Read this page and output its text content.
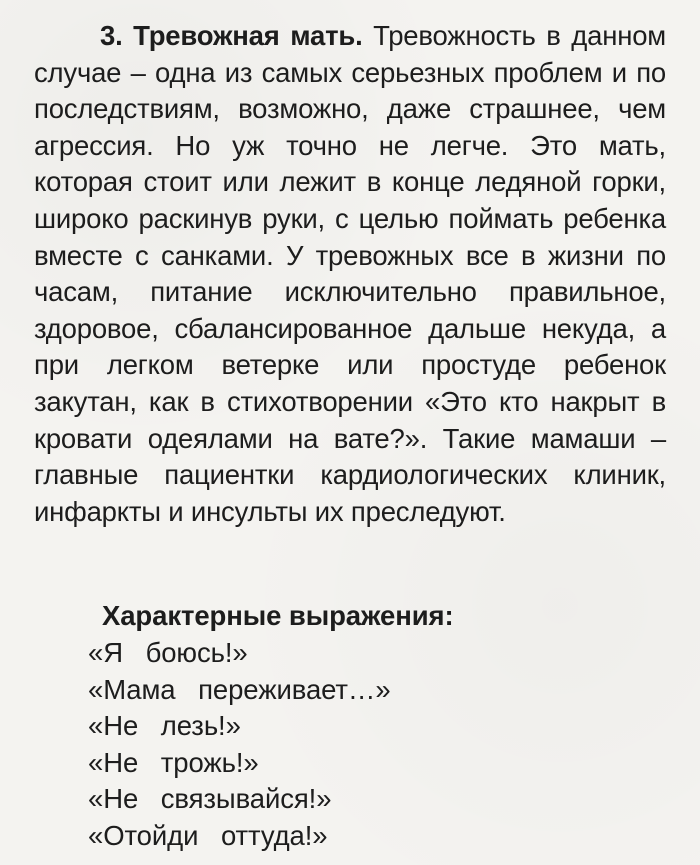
3. Тревожная мать. Тревожность в данном случае – одна из самых серьезных проблем и по последствиям, возможно, даже страшнее, чем агрессия. Но уж точно не легче. Это мать, которая стоит или лежит в конце ледяной горки, широко раскинув руки, с целью поймать ребенка вместе с санками. У тревожных все в жизни по часам, питание исключительно правильное, здоровое, сбалансированное дальше некуда, а при легком ветерке или простуде ребенок закутан, как в стихотворении «Это кто накрыт в кровати одеялами на вате?». Такие мамаши – главные пациентки кардиологических клиник, инфаркты и инсульты их преследуют.

Характерные выражения:
«Я   боюсь!»
«Мама   переживает…»
«Не   лезь!»
«Не   трожь!»
«Не   связывайся!»
«Отойди   оттуда!»
